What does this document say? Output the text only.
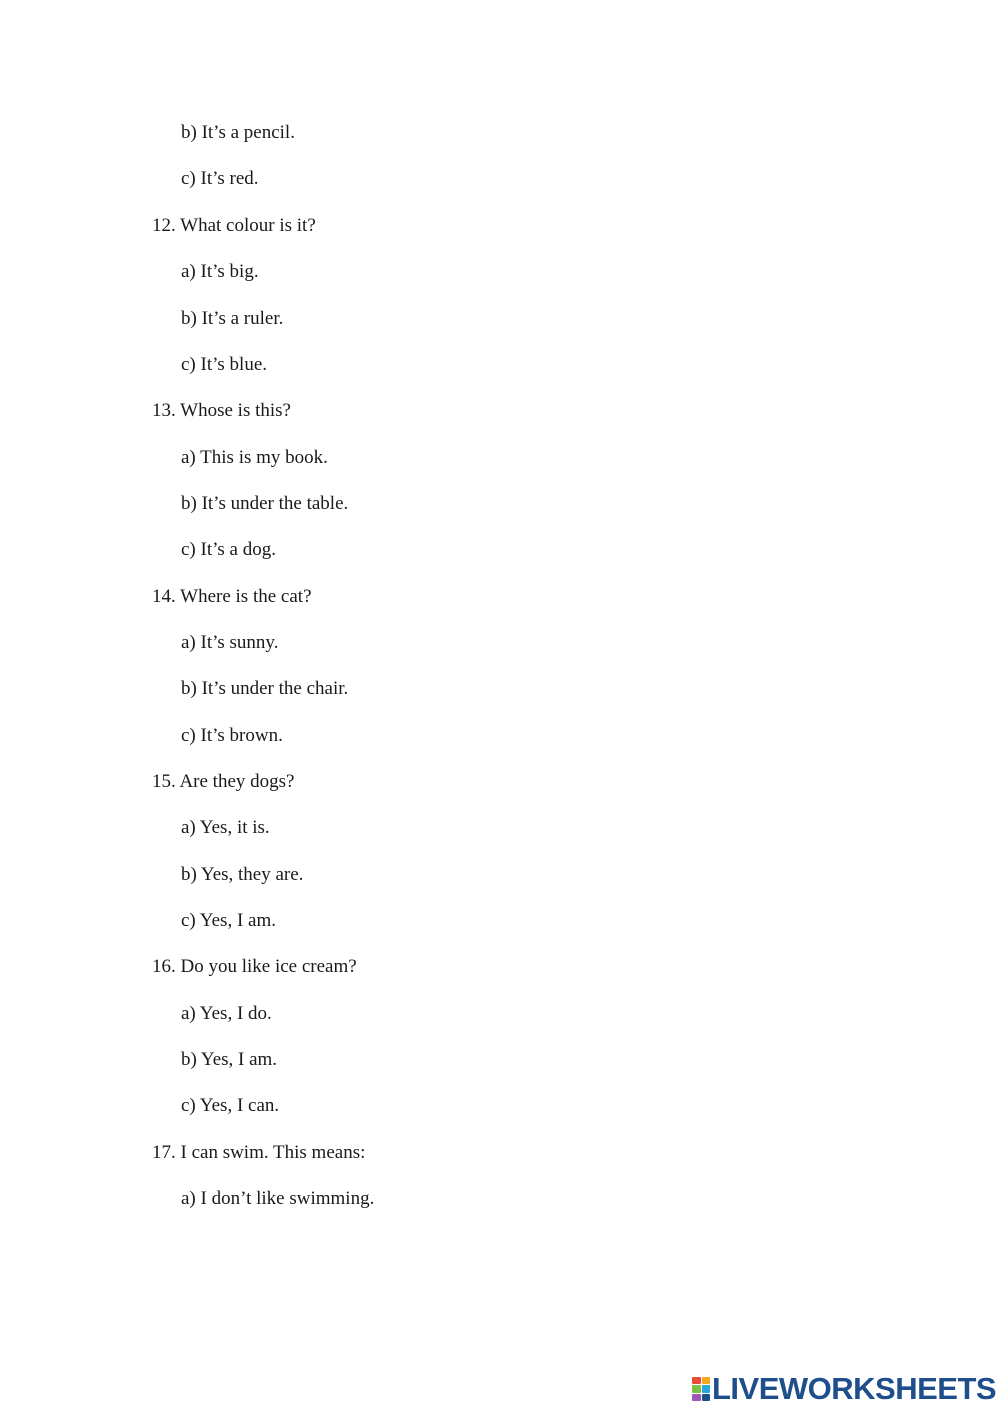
b) It’s a pencil.
c) It’s red.
12. What colour is it?
a) It’s big.
b) It’s a ruler.
c) It’s blue.
13. Whose is this?
a) This is my book.
b) It’s under the table.
c) It’s a dog.
14. Where is the cat?
a) It’s sunny.
b) It’s under the chair.
c) It’s brown.
15. Are they dogs?
a) Yes, it is.
b) Yes, they are.
c) Yes, I am.
16. Do you like ice cream?
a) Yes, I do.
b) Yes, I am.
c) Yes, I can.
17. I can swim. This means:
a) I don’t like swimming.
LIVEWORKSHEETS
